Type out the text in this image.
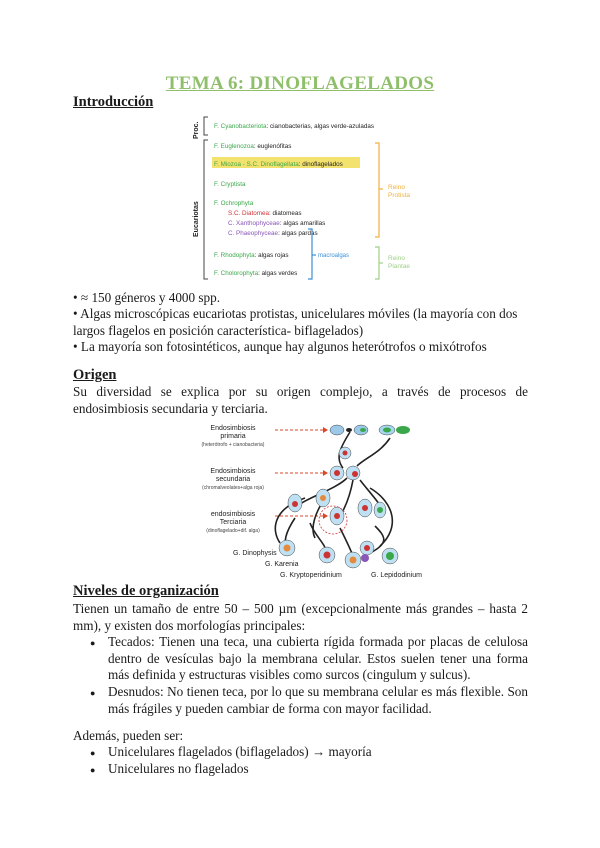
TEMA 6: DINOFLAGELADOS
Introducción
Proc.
Eucariotas
F. Cyanobacteriota: cianobacterias, algas verde-azuladas
F. Euglenozoa: euglenófitas
F. Miozoa - S.C. Dinoflagellata: dinoflagelados
F. Cryptista
F. Ochrophyta
S.C. Diatomea: diatomeas
C. Xanthophyceae: algas amarillas
C. Phaeophyceae: algas pardas
F. Rhodophyta: algas rojas
F. Cholorophyta: algas verdes
Reino
Protista
macroalgas	Reino
Plantae
• ≈ 150 géneros y 4000 spp.
• Algas microscópicas eucariotas protistas, unicelulares móviles (la mayoría con dos largos flagelos en posición característica- biflagelados)
• La mayoría son fotosintéticos, aunque hay algunos heterótrofos o mixótrofos
Origen
Su diversidad se explica por su origen complejo, a través de procesos de endosimbiosis secundaria y terciaria.
Endosimbiosis
primaria
(heterótrofo + cianobacteria)
Endosimbiosis
secundaria
(chromalveolates+alga roja)
endosimbiosis
Terciaria
(dinoflagelado+dif. alga)
G. Dinophysis
G. Karenia
G. Kryptoperidinium	G. Lepidodinium
Niveles de organización
Tienen un tamaño de entre 50 – 500 µm (excepcionalmente más grandes – hasta 2 mm), y existen dos morfologías principales:
● Tecados: Tienen una teca, una cubierta rígida formada por placas de celulosa dentro de vesículas bajo la membrana celular. Estos suelen tener una forma más definida y estructuras visibles como surcos (cingulum y sulcus).
● Desnudos: No tienen teca, por lo que su membrana celular es más flexible. Son más frágiles y pueden cambiar de forma con mayor facilidad.
Además, pueden ser:
● Unicelulares flagelados (biflagelados) → mayoría
● Unicelulares no flagelados
